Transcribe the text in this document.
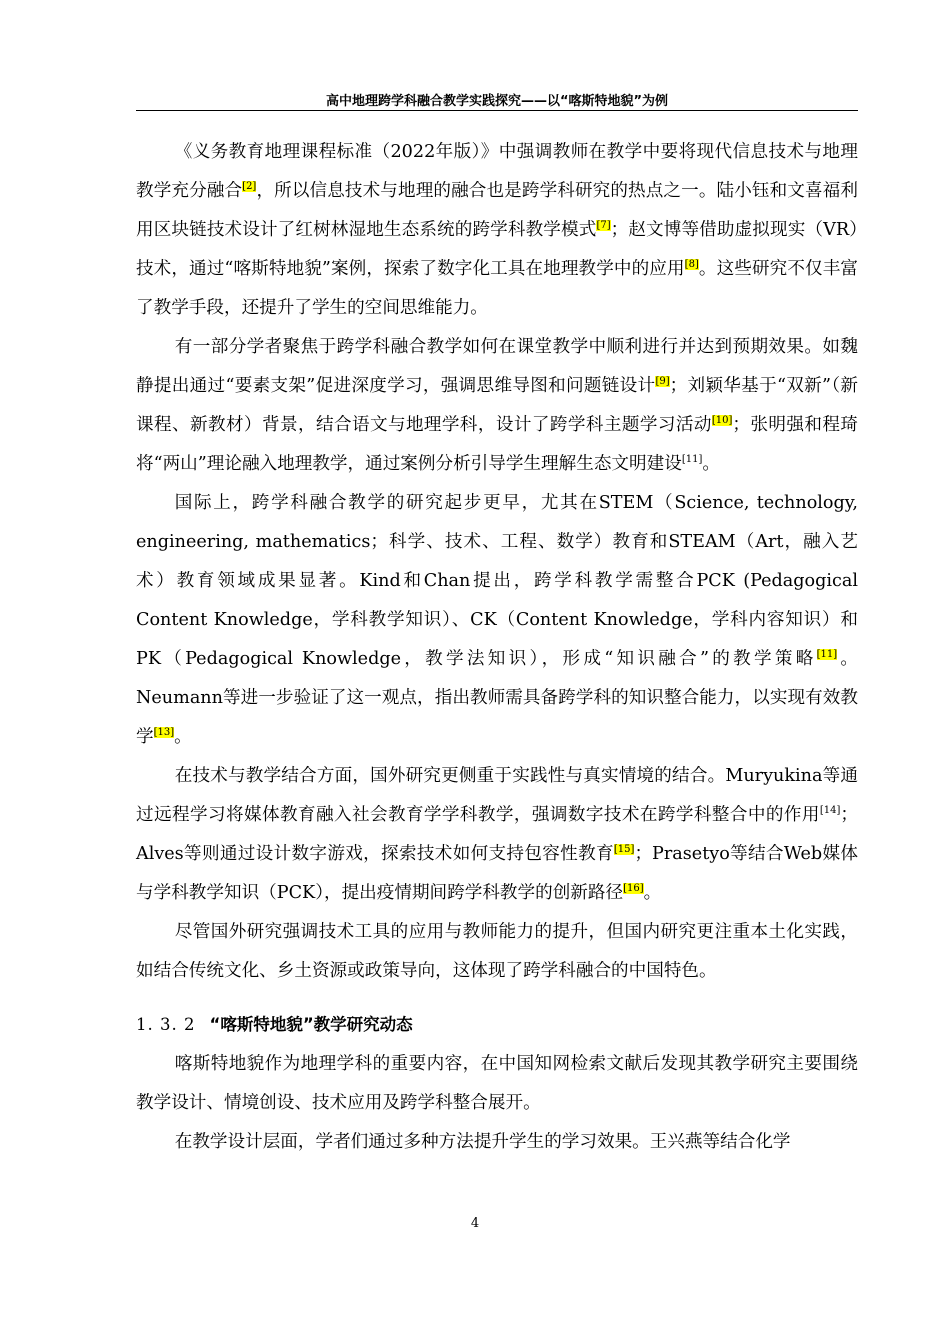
高中地理跨学科融合教学实践探究——以“喀斯特地貌”为例

《义务教育地理课程标准（2022年版）》中强调教师在教学中要将现代信息技术与地理教学充分融合[2]，所以信息技术与地理的融合也是跨学科研究的热点之一。陆小钰和文喜福利用区块链技术设计了红树林湿地生态系统的跨学科教学模式[7]；赵文博等借助虚拟现实（VR）技术，通过“喀斯特地貌”案例，探索了数字化工具在地理教学中的应用[8]。这些研究不仅丰富了教学手段，还提升了学生的空间思维能力。

有一部分学者聚焦于跨学科融合教学如何在课堂教学中顺利进行并达到预期效果。如魏静提出通过“要素支架”促进深度学习，强调思维导图和问题链设计[9]；刘颖华基于“双新”（新课程、新教材）背景，结合语文与地理学科，设计了跨学科主题学习活动[10]；张明强和程琦将“两山”理论融入地理教学，通过案例分析引导学生理解生态文明建设[11]。

国际上，跨学科融合教学的研究起步更早，尤其在STEM（Science, technology, engineering, mathematics；科学、技术、工程、数学）教育和STEAM（Art，融入艺术）教育领域成果显著。Kind和Chan提出，跨学科教学需整合PCK (Pedagogical Content Knowledge，学科教学知识）、CK（Content Knowledge，学科内容知识）和PK（Pedagogical Knowledge，教学法知识），形成“知识融合”的教学策略[11]。Neumann等进一步验证了这一观点，指出教师需具备跨学科的知识整合能力，以实现有效教学[13]。

在技术与教学结合方面，国外研究更侧重于实践性与真实情境的结合。Muryukina等通过远程学习将媒体教育融入社会教育学学科教学，强调数字技术在跨学科整合中的作用[14]；Alves等则通过设计数字游戏，探索技术如何支持包容性教育[15]；Prasetyo等结合Web媒体与学科教学知识（PCK），提出疫情期间跨学科教学的创新路径[16]。

尽管国外研究强调技术工具的应用与教师能力的提升，但国内研究更注重本土化实践，如结合传统文化、乡土资源或政策导向，这体现了跨学科融合的中国特色。

1. 3. 2 “喀斯特地貌”教学研究动态

喀斯特地貌作为地理学科的重要内容，在中国知网检索文献后发现其教学研究主要围绕教学设计、情境创设、技术应用及跨学科整合展开。

在教学设计层面，学者们通过多种方法提升学生的学习效果。王兴燕等结合化学

4
